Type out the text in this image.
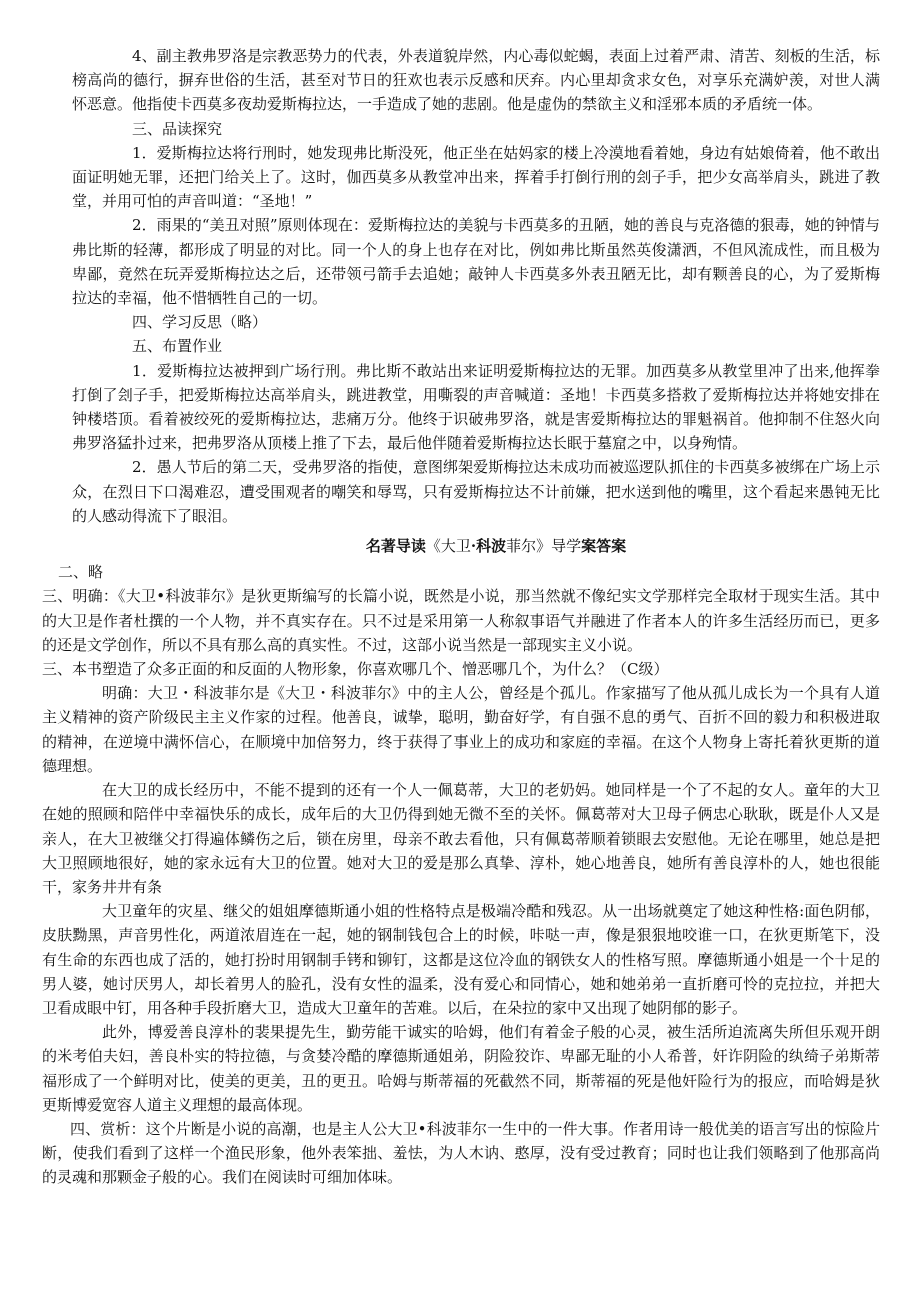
4、副主教弗罗洛是宗教恶势力的代表，外表道貌岸然，内心毒似蛇蝎，表面上过着严肃、清苦、刻板的生活，标榜高尚的德行，摒弃世俗的生活，甚至对节日的狂欢也表示反感和厌弃。内心里却贪求女色，对享乐充满妒羡，对世人满怀恶意。他指使卡西莫多夜劫爱斯梅拉达，一手造成了她的悲剧。他是虚伪的禁欲主义和淫邪本质的矛盾统一体。

三、品读探究

1．爱斯梅拉达将行刑时，她发现弗比斯没死，他正坐在姑妈家的楼上冷漠地看着她，身边有姑娘倚着，他不敢出面证明她无罪，还把门给关上了。这时，伽西莫多从教堂冲出来，挥着手打倒行刑的刽子手，把少女高举肩头，跳进了教堂，并用可怕的声音叫道：“圣地！”

2．雨果的“美丑对照”原则体现在：爱斯梅拉达的美貌与卡西莫多的丑陋，她的善良与克洛德的狠毒，她的钟情与弗比斯的轻薄，都形成了明显的对比。同一个人的身上也存在对比，例如弗比斯虽然英俊潇洒，不但风流成性，而且极为卑鄙，竟然在玩弄爱斯梅拉达之后，还带领弓箭手去追她；敲钟人卡西莫多外表丑陋无比，却有颗善良的心，为了爱斯梅拉达的幸福，他不惜牺牲自己的一切。

四、学习反思（略）

五、布置作业

1．爱斯梅拉达被押到广场行刑。弗比斯不敢站出来证明爱斯梅拉达的无罪。加西莫多从教堂里冲了出来,他挥拳打倒了刽子手，把爱斯梅拉达高举肩头，跳进教堂，用嘶裂的声音喊道：圣地！卡西莫多搭救了爱斯梅拉达并将她安排在钟楼塔顶。看着被绞死的爱斯梅拉达，悲痛万分。他终于识破弗罗洛，就是害爱斯梅拉达的罪魁祸首。他抑制不住怒火向弗罗洛猛扑过来，把弗罗洛从顶楼上推了下去，最后他伴随着爱斯梅拉达长眠于墓窟之中，以身殉情。

2．愚人节后的第二天，受弗罗洛的指使，意图绑架爱斯梅拉达未成功而被巡逻队抓住的卡西莫多被绑在广场上示众，在烈日下口渴难忍，遭受围观者的嘲笑和辱骂，只有爱斯梅拉达不计前嫌，把水送到他的嘴里，这个看起来愚钝无比的人感动得流下了眼泪。

名著导读《大卫·科波菲尔》导学案答案

二、略

三、明确：《大卫•科波菲尔》是狄更斯编写的长篇小说，既然是小说，那当然就不像纪实文学那样完全取材于现实生活。其中的大卫是作者杜撰的一个人物，并不真实存在。只不过是采用第一人称叙事语气并融进了作者本人的许多生活经历而已，更多的还是文学创作，所以不具有那么高的真实性。不过，这部小说当然是一部现实主义小说。

三、本书塑造了众多正面的和反面的人物形象，你喜欢哪几个、憎恶哪几个，为什么？（C级）

明确：大卫・科波菲尔是《大卫・科波菲尔》中的主人公，曾经是个孤儿。作家描写了他从孤儿成长为一个具有人道主义精神的资产阶级民主主义作家的过程。他善良，诚挚，聪明，勤奋好学，有自强不息的勇气、百折不回的毅力和积极进取的精神，在逆境中满怀信心，在顺境中加倍努力，终于获得了事业上的成功和家庭的幸福。在这个人物身上寄托着狄更斯的道德理想。

在大卫的成长经历中，不能不提到的还有一个人一佩葛蒂，大卫的老奶妈。她同样是一个了不起的女人。童年的大卫在她的照顾和陪伴中幸福快乐的成长，成年后的大卫仍得到她无微不至的关怀。佩葛蒂对大卫母子俩忠心耿耿，既是仆人又是亲人，在大卫被继父打得遍体鳞伤之后，锁在房里，母亲不敢去看他，只有佩葛蒂顺着锁眼去安慰他。无论在哪里，她总是把大卫照顾地很好，她的家永远有大卫的位置。她对大卫的爱是那么真挚、淳朴，她心地善良，她所有善良淳朴的人，她也很能干，家务井井有条

大卫童年的灾星、继父的姐姐摩德斯通小姐的性格特点是极端冷酷和残忍。从一出场就奠定了她这种性格:面色阴郁，皮肤黝黑，声音男性化，两道浓眉连在一起，她的钢制钱包合上的时候，咔哒一声，像是狠狠地咬谁一口，在狄更斯笔下，没有生命的东西也成了活的，她打扮时用钢制手铐和铆钉，这都是这位冷血的钢铁女人的性格写照。摩德斯通小姐是一个十足的男人婆，她讨厌男人，却长着男人的脸孔，没有女性的温柔，没有爱心和同情心，她和她弟弟一直折磨可怜的克拉拉，并把大卫看成眼中钉，用各种手段折磨大卫，造成大卫童年的苦难。以后，在朵拉的家中又出现了她阴郁的影子。

此外，博爱善良淳朴的裴果提先生，勤劳能干诚实的哈姆，他们有着金子般的心灵，被生活所迫流离失所但乐观开朗的米考伯夫妇，善良朴实的特拉德，与贪婪冷酷的摩德斯通姐弟，阴险狡诈、卑鄙无耻的小人希普，奸诈阴险的纨绮子弟斯蒂福形成了一个鲜明对比，使美的更美，丑的更丑。哈姆与斯蒂福的死截然不同，斯蒂福的死是他奸险行为的报应，而哈姆是狄更斯博爱宽容人道主义理想的最高体现。

四、赏析：这个片断是小说的高潮，也是主人公大卫•科波菲尔一生中的一件大事。作者用诗一般优美的语言写出的惊险片断，使我们看到了这样一个渔民形象，他外表笨拙、羞怯，为人木讷、憨厚，没有受过教育；同时也让我们领略到了他那高尚的灵魂和那颗金子般的心。我们在阅读时可细加体味。
